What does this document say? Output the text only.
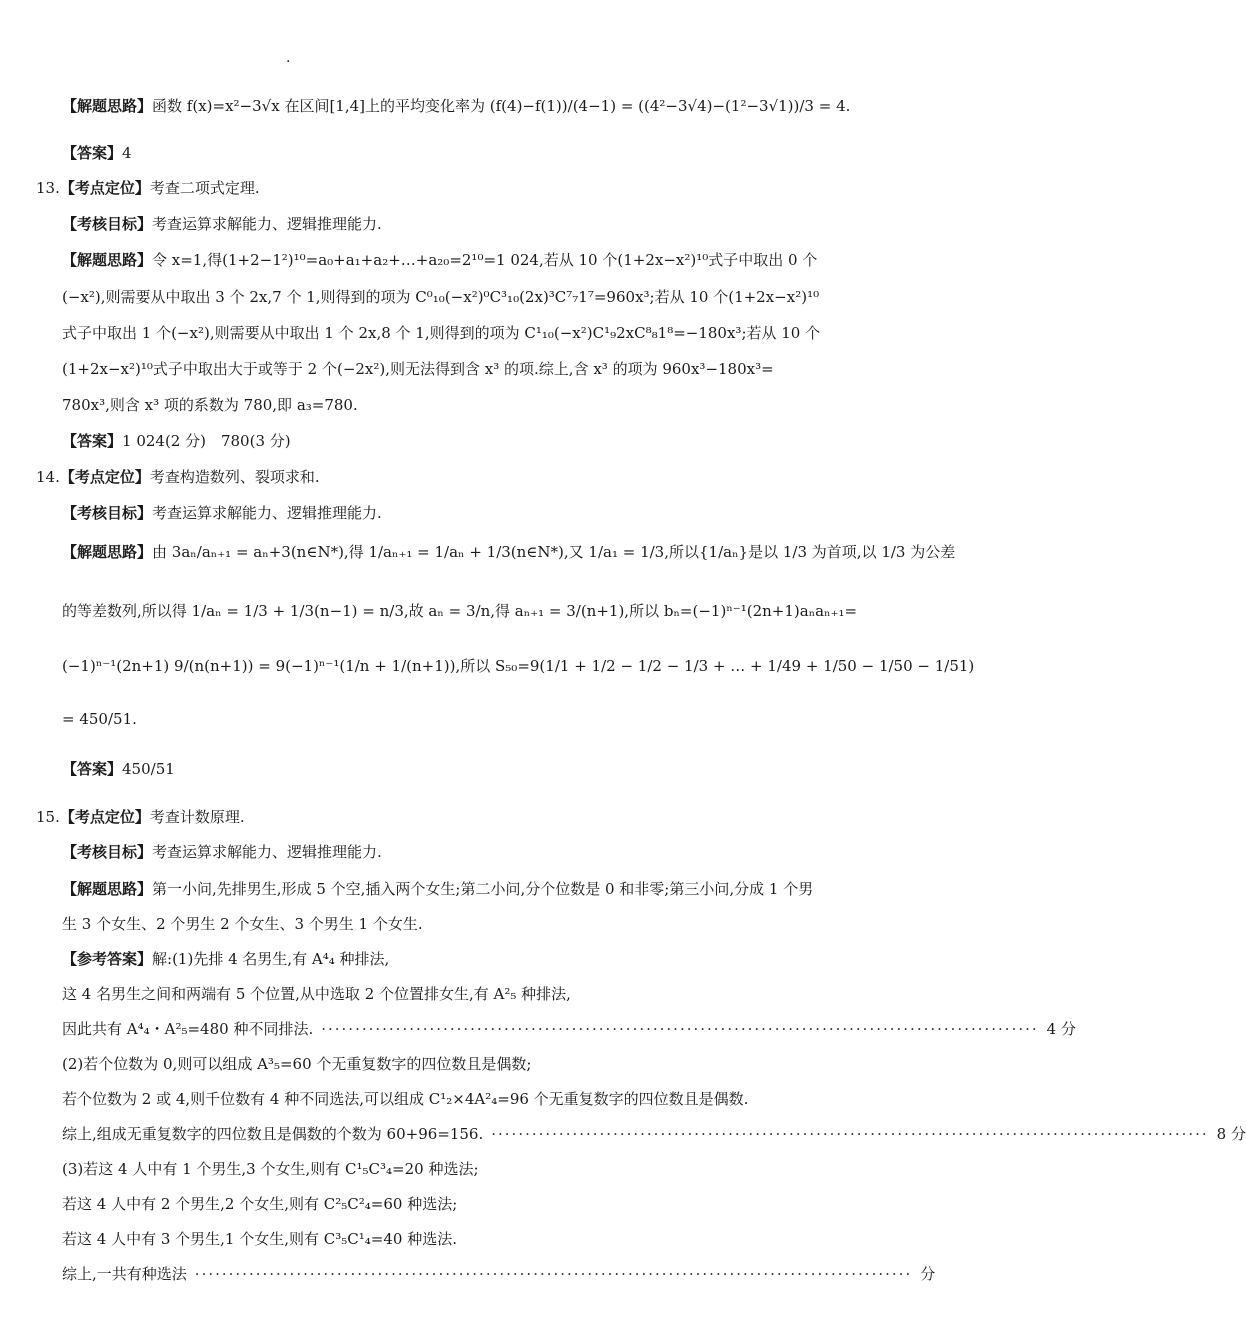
.
【解题思路】函数 f(x)=x²−3√x 在区间[1,4]上的平均变化率为 (f(4)−f(1))/(4−1) = ((4²−3√4)−(1²−3√1))/3 = 4.
【答案】4
13.【考点定位】考查二项式定理.
【考核目标】考查运算求解能力、逻辑推理能力.
【解题思路】令 x=1,得(1+2−1²)¹⁰=a₀+a₁+a₂+…+a₂₀=2¹⁰=1 024,若从 10 个(1+2x−x²)¹⁰式子中取出 0 个
(−x²),则需要从中取出 3 个 2x,7 个 1,则得到的项为 C⁰₁₀(−x²)⁰C³₁₀(2x)³C⁷₇1⁷=960x³;若从 10 个(1+2x−x²)¹⁰
式子中取出 1 个(−x²),则需要从中取出 1 个 2x,8 个 1,则得到的项为 C¹₁₀(−x²)C¹₉2xC⁸₈1⁸=−180x³;若从 10 个
(1+2x−x²)¹⁰式子中取出大于或等于 2 个(−2x²),则无法得到含 x³ 的项.综上,含 x³ 的项为 960x³−180x³=
780x³,则含 x³ 项的系数为 780,即 a₃=780.
【答案】1 024(2 分)　780(3 分)
14.【考点定位】考查构造数列、裂项求和.
【考核目标】考查运算求解能力、逻辑推理能力.
【解题思路】由 3aₙ/aₙ₊₁ = aₙ+3(n∈N*),得 1/aₙ₊₁ = 1/aₙ + 1/3(n∈N*),又 1/a₁ = 1/3,所以{1/aₙ}是以 1/3 为首项,以 1/3 为公差
的等差数列,所以得 1/aₙ = 1/3 + 1/3(n−1) = n/3,故 aₙ = 3/n,得 aₙ₊₁ = 3/(n+1),所以 bₙ=(−1)ⁿ⁻¹(2n+1)aₙaₙ₊₁=
(−1)ⁿ⁻¹(2n+1) 9/(n(n+1)) = 9(−1)ⁿ⁻¹(1/n + 1/(n+1)),所以 S₅₀=9(1/1 + 1/2 − 1/2 − 1/3 + … + 1/49 + 1/50 − 1/50 − 1/51)
= 450/51.
【答案】450/51
15.【考点定位】考查计数原理.
【考核目标】考查运算求解能力、逻辑推理能力.
【解题思路】第一小问,先排男生,形成 5 个空,插入两个女生;第二小问,分个位数是 0 和非零;第三小问,分成 1 个男
生 3 个女生、2 个男生 2 个女生、3 个男生 1 个女生.
【参考答案】解:(1)先排 4 名男生,有 A⁴₄ 种排法,
这 4 名男生之间和两端有 5 个位置,从中选取 2 个位置排女生,有 A²₅ 种排法,
因此共有 A⁴₄・A²₅=480 种不同排法. ·········································································································· 4 分
(2)若个位数为 0,则可以组成 A³₅=60 个无重复数字的四位数且是偶数;
若个位数为 2 或 4,则千位数有 4 种不同选法,可以组成 C¹₂×4A²₄=96 个无重复数字的四位数且是偶数.
综上,组成无重复数字的四位数且是偶数的个数为 60+96=156. ·········································································································· 8 分
(3)若这 4 人中有 1 个男生,3 个女生,则有 C¹₅C³₄=20 种选法;
若这 4 人中有 2 个男生,2 个女生,则有 C²₅C²₄=60 种选法;
若这 4 人中有 3 个男生,1 个女生,则有 C³₅C¹₄=40 种选法.
综上,一共有 种选法 ·········································································································· 分
